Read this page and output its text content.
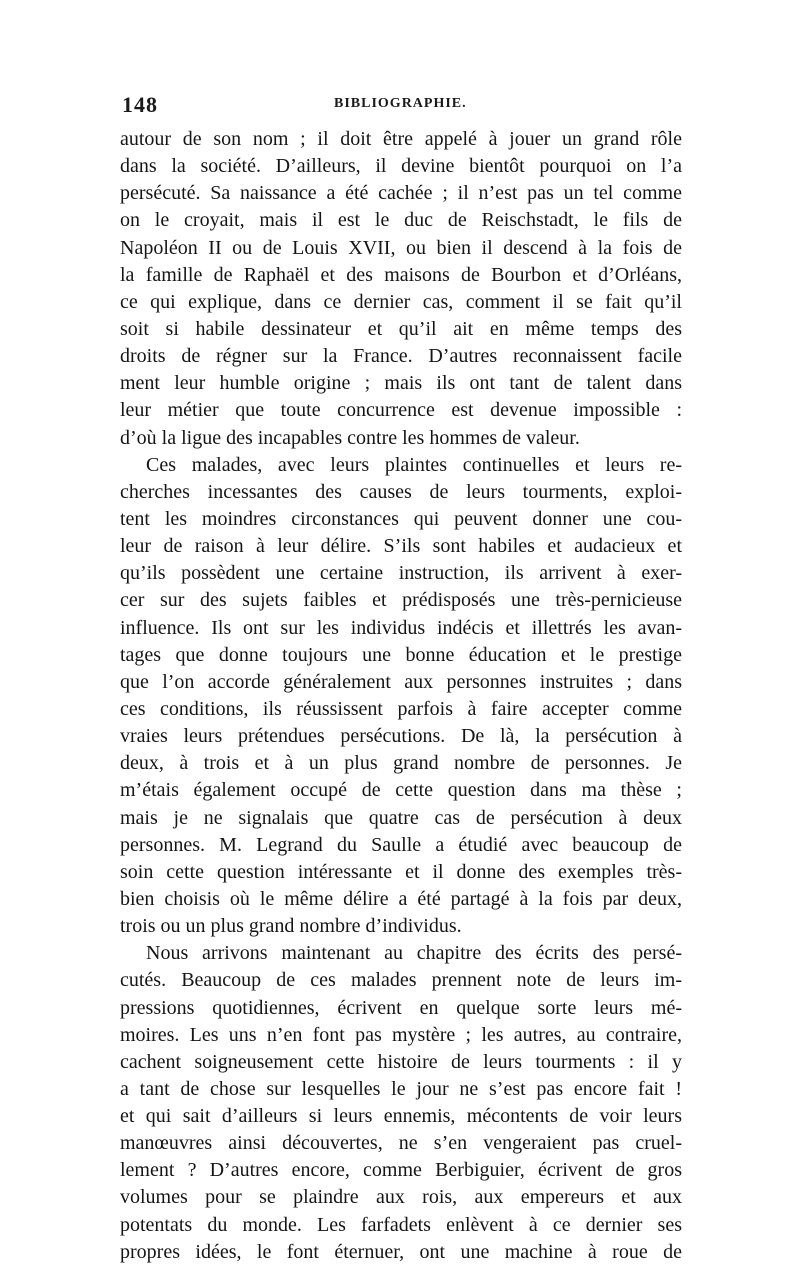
148	BIBLIOGRAPHIE.
autour de son nom ; il doit être appelé à jouer un grand rôle
dans la société. D’ailleurs, il devine bientôt pourquoi on l’a
persécuté. Sa naissance a été cachée ; il n’est pas un tel comme
on le croyait, mais il est le duc de Reischstadt, le fils de
Napoléon II ou de Louis XVII, ou bien il descend à la fois de
la famille de Raphaël et des maisons de Bourbon et d’Orléans,
ce qui explique, dans ce dernier cas, comment il se fait qu’il
soit si habile dessinateur et qu’il ait en même temps des
droits de régner sur la France. D’autres reconnaissent facile
ment leur humble origine ; mais ils ont tant de talent dans
leur métier que toute concurrence est devenue impossible :
d’où la ligue des incapables contre les hommes de valeur.
Ces malades, avec leurs plaintes continuelles et leurs re-
cherches incessantes des causes de leurs tourments, exploi-
tent les moindres circonstances qui peuvent donner une cou-
leur de raison à leur délire. S’ils sont habiles et audacieux et
qu’ils possèdent une certaine instruction, ils arrivent à exer-
cer sur des sujets faibles et prédisposés une très-pernicieuse
influence. Ils ont sur les individus indécis et illettrés les avan-
tages que donne toujours une bonne éducation et le prestige
que l’on accorde généralement aux personnes instruites ; dans
ces conditions, ils réussissent parfois à faire accepter comme
vraies leurs prétendues persécutions. De là, la persécution à
deux, à trois et à un plus grand nombre de personnes. Je
m’étais également occupé de cette question dans ma thèse ;
mais je ne signalais que quatre cas de persécution à deux
personnes. M. Legrand du Saulle a étudié avec beaucoup de
soin cette question intéressante et il donne des exemples très-
bien choisis où le même délire a été partagé à la fois par deux,
trois ou un plus grand nombre d’individus.
Nous arrivons maintenant au chapitre des écrits des persé-
cutés. Beaucoup de ces malades prennent note de leurs im-
pressions quotidiennes, écrivent en quelque sorte leurs mé-
moires. Les uns n’en font pas mystère ; les autres, au contraire,
cachent soigneusement cette histoire de leurs tourments : il y
a tant de chose sur lesquelles le jour ne s’est pas encore fait !
et qui sait d’ailleurs si leurs ennemis, mécontents de voir leurs
manœuvres ainsi découvertes, ne s’en vengeraient pas cruel-
lement ? D’autres encore, comme Berbiguier, écrivent de gros
volumes pour se plaindre aux rois, aux empereurs et aux
potentats du monde. Les farfadets enlèvent à ce dernier ses
propres idées, le font éternuer, ont une machine à roue de
